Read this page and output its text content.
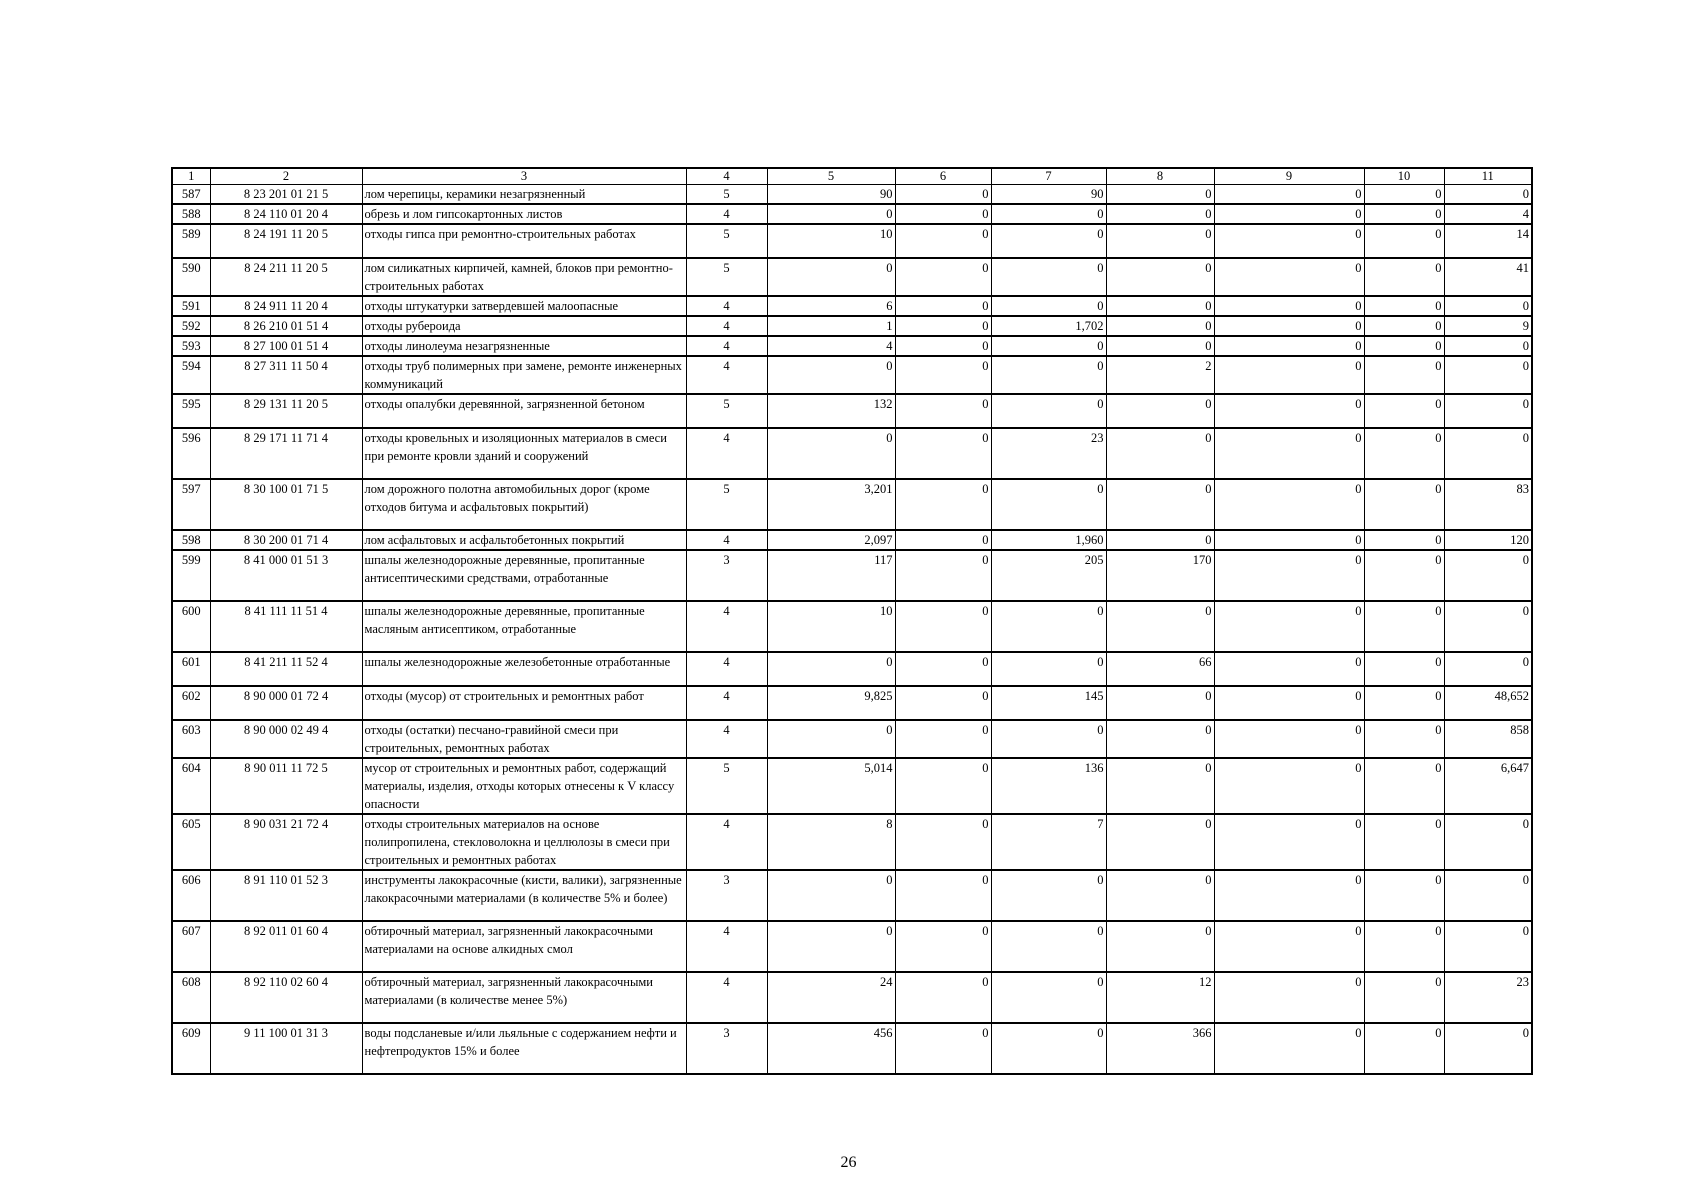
1	2	3	4	5	6	7	8	9	10	11
587	8 23 201 01 21 5	лом черепицы, керамики незагрязненный	5	90	0	90	0	0	0	0
588	8 24 110 01 20 4	обрезь и лом гипсокартонных листов	4	0	0	0	0	0	0	4
589	8 24 191 11 20 5	отходы гипса при ремонтно-строительных работах	5	10	0	0	0	0	0	14
590	8 24 211 11 20 5	лом силикатных кирпичей, камней, блоков при ремонтно-строительных работах	5	0	0	0	0	0	0	41
591	8 24 911 11 20 4	отходы штукатурки затвердевшей малоопасные	4	6	0	0	0	0	0	0
592	8 26 210 01 51 4	отходы рубероида	4	1	0	1,702	0	0	0	9
593	8 27 100 01 51 4	отходы линолеума незагрязненные	4	4	0	0	0	0	0	0
594	8 27 311 11 50 4	отходы труб полимерных при замене, ремонте инженерных коммуникаций	4	0	0	0	2	0	0	0
595	8 29 131 11 20 5	отходы опалубки деревянной, загрязненной бетоном	5	132	0	0	0	0	0	0
596	8 29 171 11 71 4	отходы кровельных и изоляционных материалов в смеси при ремонте кровли зданий и сооружений	4	0	0	23	0	0	0	0
597	8 30 100 01 71 5	лом дорожного полотна автомобильных дорог (кроме отходов битума и асфальтовых покрытий)	5	3,201	0	0	0	0	0	83
598	8 30 200 01 71 4	лом асфальтовых и асфальтобетонных покрытий	4	2,097	0	1,960	0	0	0	120
599	8 41 000 01 51 3	шпалы железнодорожные деревянные, пропитанные антисептическими средствами, отработанные	3	117	0	205	170	0	0	0
600	8 41 111 11 51 4	шпалы железнодорожные деревянные, пропитанные масляным антисептиком, отработанные	4	10	0	0	0	0	0	0
601	8 41 211 11 52 4	шпалы железнодорожные железобетонные отработанные	4	0	0	0	66	0	0	0
602	8 90 000 01 72 4	отходы (мусор) от строительных и ремонтных работ	4	9,825	0	145	0	0	0	48,652
603	8 90 000 02 49 4	отходы (остатки) песчано-гравийной смеси при строительных, ремонтных работах	4	0	0	0	0	0	0	858
604	8 90 011 11 72 5	мусор от строительных и ремонтных работ, содержащий материалы, изделия, отходы которых отнесены к V классу опасности	5	5,014	0	136	0	0	0	6,647
605	8 90 031 21 72 4	отходы строительных материалов на основе полипропилена, стекловолокна и целлюлозы в смеси при строительных и ремонтных работах	4	8	0	7	0	0	0	0
606	8 91 110 01 52 3	инструменты лакокрасочные (кисти, валики), загрязненные лакокрасочными материалами (в количестве 5% и более)	3	0	0	0	0	0	0	0
607	8 92 011 01 60 4	обтирочный материал, загрязненный лакокрасочными материалами на основе алкидных смол	4	0	0	0	0	0	0	0
608	8 92 110 02 60 4	обтирочный материал, загрязненный лакокрасочными материалами (в количестве менее 5%)	4	24	0	0	12	0	0	23
609	9 11 100 01 31 3	воды подсланевые и/или льяльные с содержанием нефти и нефтепродуктов 15% и более	3	456	0	0	366	0	0	0
26
